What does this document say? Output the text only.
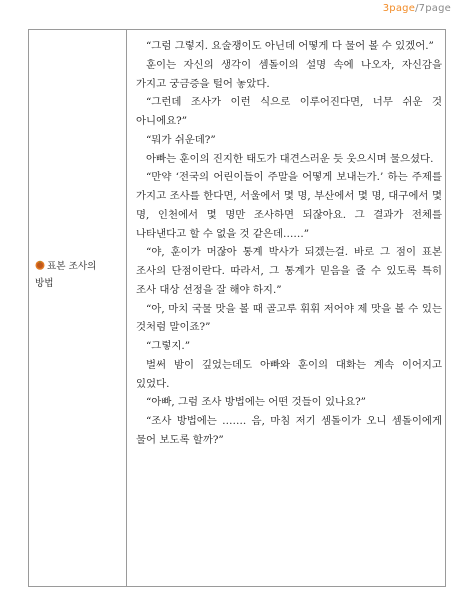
3page/7page
표본 조사의
방법

“그럼 그렇지. 요술쟁이도 아닌데 어떻게 다 물어 볼 수 있겠어.”

훈이는 자신의 생각이 셈돌이의 설명 속에 나오자, 자신감을 가지고 궁금증을 털어 놓았다.

“그런데 조사가 이런 식으로 이루어진다면, 너무 쉬운 것 아니에요?”

“뭐가 쉬운데?”

아빠는 훈이의 진지한 태도가 대견스러운 듯 웃으시며 물으셨다.

“만약 ‘전국의 어린이들이 주말을 어떻게 보내는가.’ 하는 주제를 가지고 조사를 한다면, 서울에서 몇 명, 부산에서 몇 명, 대구에서 몇 명, 인천에서 몇 명만 조사하면 되잖아요. 그 결과가 전체를 나타낸다고 할 수 없을 것 같은데……”

“야, 훈이가 머잖아 통계 박사가 되겠는걸. 바로 그 점이 표본 조사의 단점이란다. 따라서, 그 통계가 믿음을 줄 수 있도록 특히 조사 대상 선정을 잘 해야 하지.”

“아, 마치 국물 맛을 볼 때 골고루 휘휘 저어야 제 맛을 볼 수 있는 것처럼 말이죠?”

“그렇지.”

벌써 밤이 깊었는데도 아빠와 훈이의 대화는 계속 이어지고 있었다.

“아빠, 그럼 조사 방법에는 어떤 것들이 있나요?”

“조사 방법에는 ……. 음, 마침 저기 셈돌이가 오니 셈돌이에게 물어 보도록 할까?”
